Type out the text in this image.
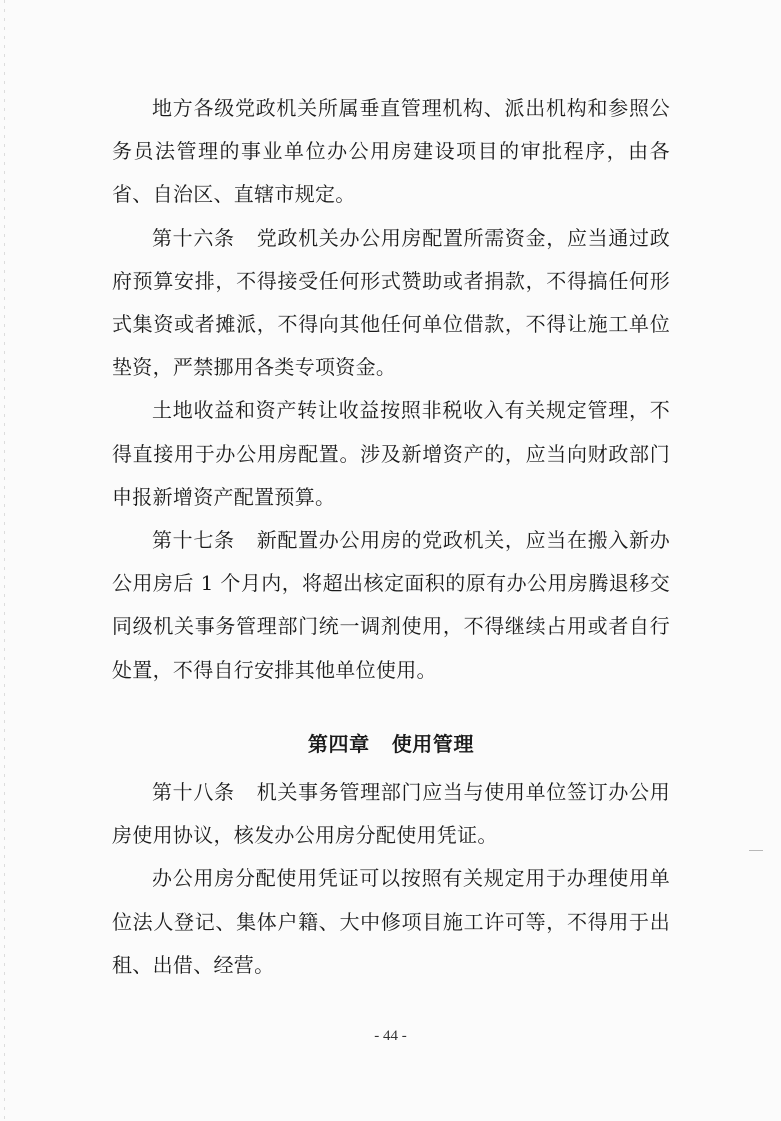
地方各级党政机关所属垂直管理机构、派出机构和参照公务员法管理的事业单位办公用房建设项目的审批程序，由各省、自治区、直辖市规定。

第十六条 党政机关办公用房配置所需资金，应当通过政府预算安排，不得接受任何形式赞助或者捐款，不得搞任何形式集资或者摊派，不得向其他任何单位借款，不得让施工单位垫资，严禁挪用各类专项资金。

土地收益和资产转让收益按照非税收入有关规定管理，不得直接用于办公用房配置。涉及新增资产的，应当向财政部门申报新增资产配置预算。

第十七条 新配置办公用房的党政机关，应当在搬入新办公用房后 1 个月内，将超出核定面积的原有办公用房腾退移交同级机关事务管理部门统一调剂使用，不得继续占用或者自行处置，不得自行安排其他单位使用。

第四章 使用管理

第十八条 机关事务管理部门应当与使用单位签订办公用房使用协议，核发办公用房分配使用凭证。

办公用房分配使用凭证可以按照有关规定用于办理使用单位法人登记、集体户籍、大中修项目施工许可等，不得用于出租、出借、经营。

- 44 -
